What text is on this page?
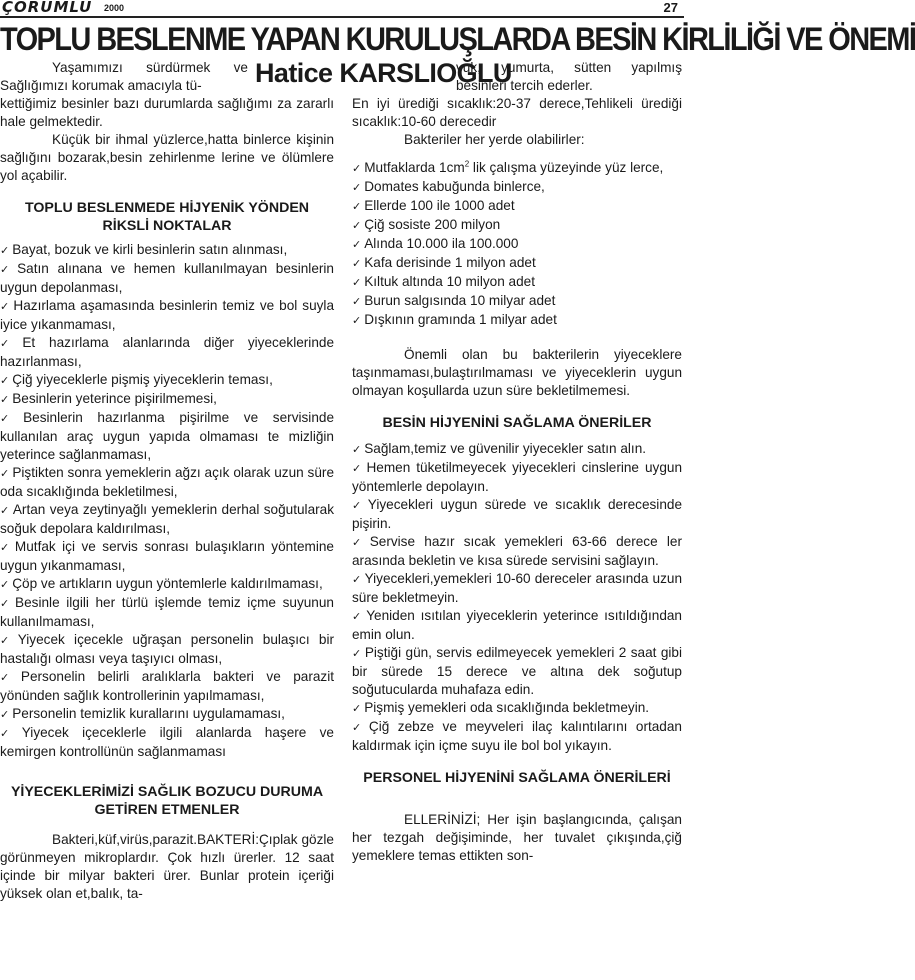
ÇORUMLU 2000	27
TOPLU BESLENME YAPAN KURULUŞLARDA BESİN KİRLİLİĞİ VE ÖNEMİ
Hatice KARSLIOĞLU

Yaşamımızı sürdürmek ve Sağlığımızı korumak amacıyla tü-

kettiğimiz besinler bazı durumlarda sağlığımı za zararlı hale gelmektedir.

Küçük bir ihmal yüzlerce,hatta binlerce kişinin sağlığını bozarak,besin zehirlenme lerine ve ölümlere yol açabilir.

TOPLU BESLENMEDE HİJYENİK YÖNDEN RİKSLİ NOKTALAR

✓ Bayat, bozuk ve kirli besinlerin satın alınması,

✓ Satın alınana ve hemen kullanılmayan besinlerin uygun depolanması,

✓ Hazırlama aşamasında besinlerin temiz ve bol suyla iyice yıkanmaması,

✓ Et hazırlama alanlarında diğer yiyeceklerinde hazırlanması,

✓ Çiğ yiyeceklerle pişmiş yiyeceklerin teması,

✓ Besinlerin yeterince pişirilmemesi,

✓ Besinlerin hazırlanma pişirilme ve servisinde kullanılan araç uygun yapıda olmaması te mizliğin yeterince sağlanmaması,

✓ Piştikten sonra yemeklerin ağzı açık olarak uzun süre oda sıcaklığında bekletilmesi,

✓ Artan veya zeytinyağlı yemeklerin derhal soğutularak soğuk depolara kaldırılması,

✓ Mutfak içi ve servis sonrası bulaşıkların yöntemine uygun yıkanmaması,

✓ Çöp ve artıkların uygun yöntemlerle kaldırılmaması,

✓ Besinle ilgili her türlü işlemde temiz içme suyunun kullanılmaması,

✓ Yiyecek içecekle uğraşan personelin bulaşıcı bir hastalığı olması veya taşıyıcı olması,

✓ Personelin belirli aralıklarla bakteri ve parazit yönünden sağlık kontrollerinin yapılmaması,

✓ Personelin temizlik kurallarını uygulamaması,

✓ Yiyecek içeceklerle ilgili alanlarda haşere ve kemirgen kontrollünün sağlanmaması

YİYECEKLERİMİZİ SAĞLIK BOZUCU DURUMA GETİREN ETMENLER

Bakteri,küf,virüs,parazit.BAKTERİ:Çıplak gözle görünmeyen mikroplardır. Çok hızlı ürerler. 12 saat içinde bir milyar bakteri ürer. Bunlar protein içeriği yüksek olan et,balık, ta-

vuk, yumurta, sütten yapılmış besinleri tercih ederler.

En iyi ürediği sıcaklık:20-37 derece,Tehlikeli ürediği sıcaklık:10-60 derecedir

Bakteriler her yerde olabilirler:

✓ Mutfaklarda $1cm^2$ lik çalışma yüzeyinde yüz lerce,

✓ Domates kabuğunda binlerce,

✓ Ellerde 100 ile 1000 adet

✓ Çiğ sosiste 200 milyon

✓ Alında 10.000 ila 100.000

✓ Kafa derisinde 1 milyon adet

✓ Kıltuk altında 10 milyon adet

✓ Burun salgısında 10 milyar adet

✓ Dışkının gramında 1 milyar adet

Önemli olan bu bakterilerin yiyeceklere taşınmaması,bulaştırılmaması ve yiyeceklerin uygun olmayan koşullarda uzun süre bekletilmemesi.

BESİN HİJYENİNİ SAĞLAMA ÖNERİLER

✓ Sağlam,temiz ve güvenilir yiyecekler satın alın.

✓ Hemen tüketilmeyecek yiyecekleri cinslerine uygun yöntemlerle depolayın.

✓ Yiyecekleri uygun sürede ve sıcaklık derecesinde pişirin.

✓ Servise hazır sıcak yemekleri 63-66 derece ler arasında bekletin ve kısa sürede servisini sağlayın.

✓ Yiyecekleri,yemekleri 10-60 dereceler arasında uzun süre bekletmeyin.

✓ Yeniden ısıtılan yiyeceklerin yeterince ısıtıldığından emin olun.

✓ Piştiği gün, servis edilmeyecek yemekleri 2 saat gibi bir sürede 15 derece ve altına dek soğutup soğutucularda muhafaza edin.

✓ Pişmiş yemekleri oda sıcaklığında bekletmeyin.

✓ Çiğ zebze ve meyveleri ilaç kalıntılarını ortadan kaldırmak için içme suyu ile bol bol yıkayın.

PERSONEL HİJYENİNİ SAĞLAMA ÖNERİLERİ

ELLERİNİZİ; Her işin başlangıcında, çalışan her tezgah değişiminde, her tuvalet çıkışında,çiğ yemeklere temas ettikten son-
